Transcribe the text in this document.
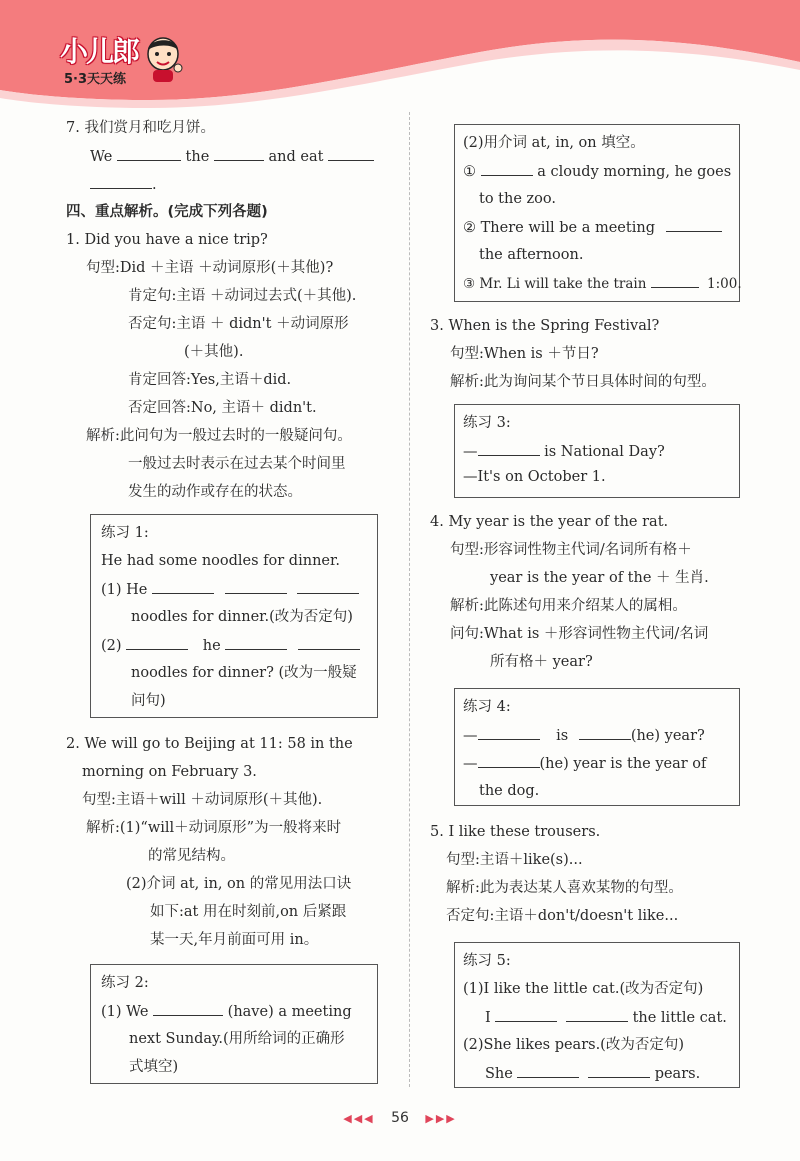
小儿郎
5·3天天练
7. 我们赏月和吃月饼。
We	the	and eat
.
四、重点解析。(完成下列各题)
1. Did you have a nice trip?
句型:Did ＋主语 ＋动词原形(＋其他)?
肯定句:主语 ＋动词过去式(＋其他).
否定句:主语 ＋ didn't ＋动词原形
(＋其他).
肯定回答:Yes,主语＋did.
否定回答:No, 主语＋ didn't.
解析:此问句为一般过去时的一般疑问句。
一般过去时表示在过去某个时间里
发生的动作或存在的状态。
练习 1:
He had some noodles for dinner.
(1) He
noodles for dinner.(改为否定句)
(2)	he
noodles for dinner? (改为一般疑
问句)
2. We will go to Beijing at 11: 58 in the
morning on February 3.
句型:主语＋will ＋动词原形(＋其他).
解析:(1)“will＋动词原形”为一般将来时
的常见结构。
(2)介词 at, in, on 的常见用法口诀
如下:at 用在时刻前,on 后紧跟
某一天,年月前面可用 in。
练习 2:
(1) We	(have) a meeting
next Sunday.(用所给词的正确形
式填空)
(2)用介词 at, in, on 填空。
①	a cloudy morning, he goes
to the zoo.
② There will be a meeting
the afternoon.
③ Mr. Li will take the train	1:00.
3. When is the Spring Festival?
句型:When is ＋节日?
解析:此为询问某个节日具体时间的句型。
练习 3:
—	is National Day?
—It's on October 1.
4. My year is the year of the rat.
句型:形容词性物主代词/名词所有格＋
year is the year of the ＋ 生肖.
解析:此陈述句用来介绍某人的属相。
问句:What is ＋形容词性物主代词/名词
所有格＋ year?
练习 4:
—	is	(he) year?
—	(he) year is the year of
the dog.
5. I like these trousers.
句型:主语＋like(s)...
解析:此为表达某人喜欢某物的句型。
否定句:主语＋don't/doesn't like...
练习 5:
(1)I like the little cat.(改为否定句)
I	the little cat.
(2)She likes pears.(改为否定句)
She	pears.
◀◀◀ 56 ▶▶▶
